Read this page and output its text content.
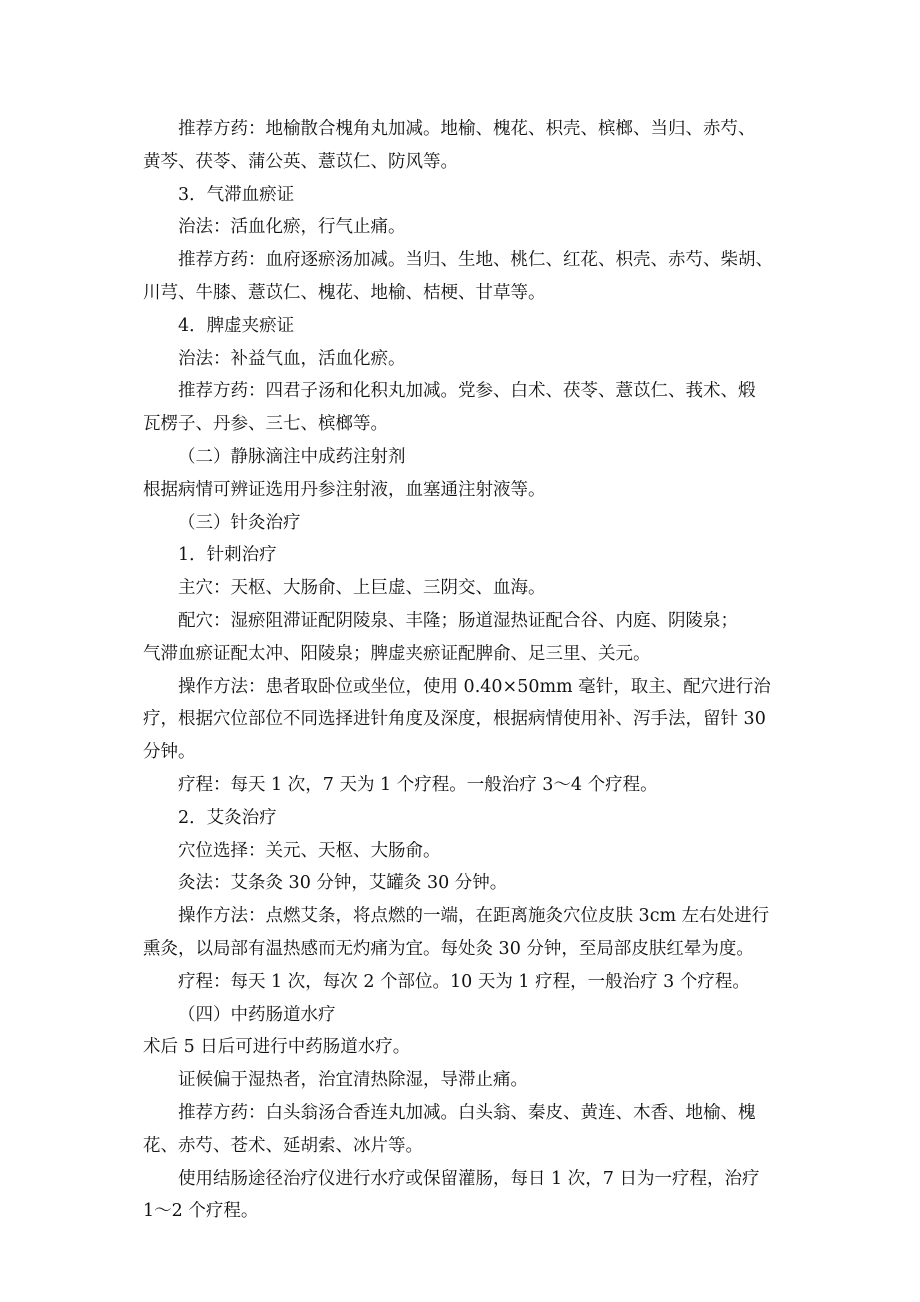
推荐方药：地榆散合槐角丸加减。地榆、槐花、枳壳、槟榔、当归、赤芍、

黄芩、茯苓、蒲公英、薏苡仁、防风等。

3．气滞血瘀证

治法：活血化瘀，行气止痛。

推荐方药：血府逐瘀汤加减。当归、生地、桃仁、红花、枳壳、赤芍、柴胡、

川芎、牛膝、薏苡仁、槐花、地榆、桔梗、甘草等。

4．脾虚夹瘀证

治法：补益气血，活血化瘀。

推荐方药：四君子汤和化积丸加减。党参、白术、茯苓、薏苡仁、莪术、煅

瓦楞子、丹参、三七、槟榔等。

（二）静脉滴注中成药注射剂

根据病情可辨证选用丹参注射液，血塞通注射液等。

（三）针灸治疗

1．针刺治疗

主穴：天枢、大肠俞、上巨虚、三阴交、血海。

配穴：湿瘀阻滞证配阴陵泉、丰隆；肠道湿热证配合谷、内庭、阴陵泉；

气滞血瘀证配太冲、阳陵泉；脾虚夹瘀证配脾俞、足三里、关元。

操作方法：患者取卧位或坐位，使用 0.40×50mm 毫针，取主、配穴进行治

疗，根据穴位部位不同选择进针角度及深度，根据病情使用补、泻手法，留针 30

分钟。

疗程：每天 1 次，7 天为 1 个疗程。一般治疗 3～4 个疗程。

2．艾灸治疗

穴位选择：关元、天枢、大肠俞。

灸法：艾条灸 30 分钟，艾罐灸 30 分钟。

操作方法：点燃艾条，将点燃的一端，在距离施灸穴位皮肤 3cm 左右处进行

熏灸，以局部有温热感而无灼痛为宜。每处灸 30 分钟，至局部皮肤红晕为度。

疗程：每天 1 次，每次 2 个部位。10 天为 1 疗程，一般治疗 3 个疗程。

（四）中药肠道水疗

术后 5 日后可进行中药肠道水疗。

证候偏于湿热者，治宜清热除湿，导滞止痛。

推荐方药：白头翁汤合香连丸加减。白头翁、秦皮、黄连、木香、地榆、槐

花、赤芍、苍术、延胡索、冰片等。

使用结肠途径治疗仪进行水疗或保留灌肠，每日 1 次，7 日为一疗程，治疗

1～2 个疗程。
